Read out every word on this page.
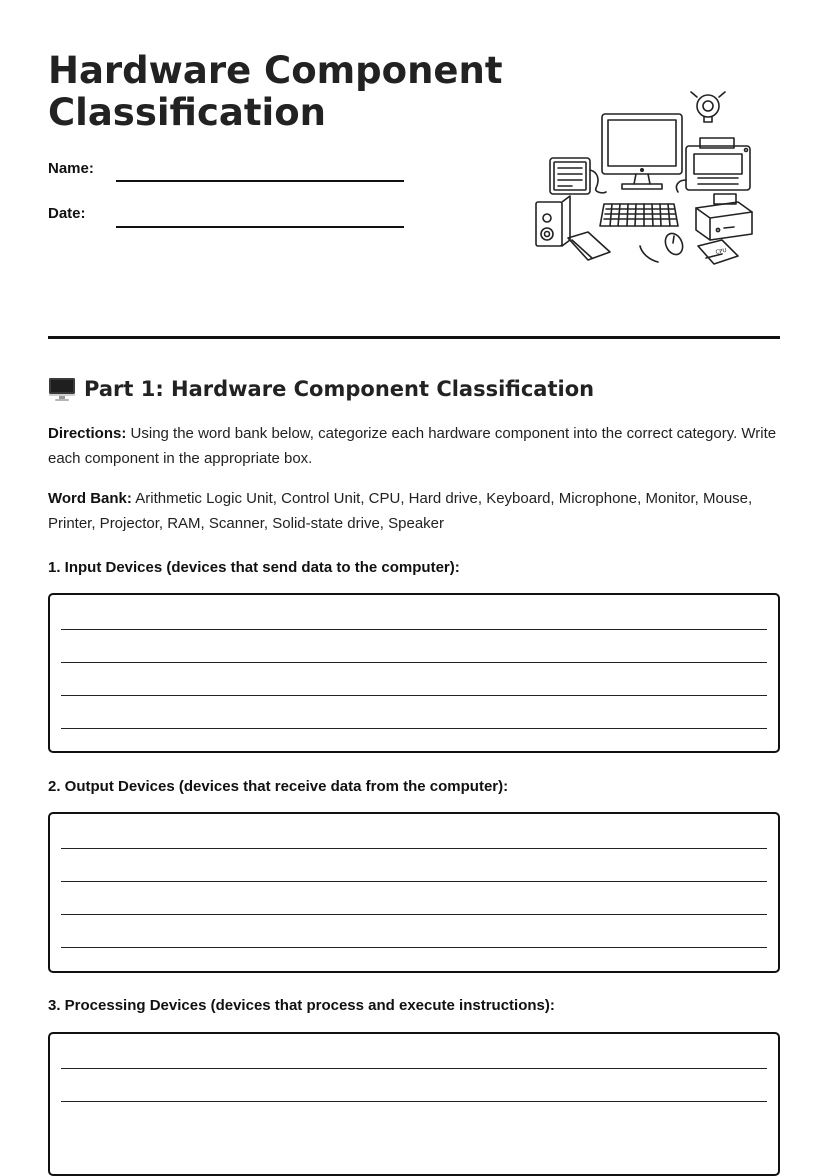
Hardware Component Classification
Name:
Date:
CPU
Part 1: Hardware Component Classification

Directions: Using the word bank below, categorize each hardware component into the correct category. Write each component in the appropriate box.

Word Bank: Arithmetic Logic Unit, Control Unit, CPU, Hard drive, Keyboard, Microphone, Monitor, Mouse, Printer, Projector, RAM, Scanner, Solid-state drive, Speaker

1. Input Devices (devices that send data to the computer):
2. Output Devices (devices that receive data from the computer):
3. Processing Devices (devices that process and execute instructions):
